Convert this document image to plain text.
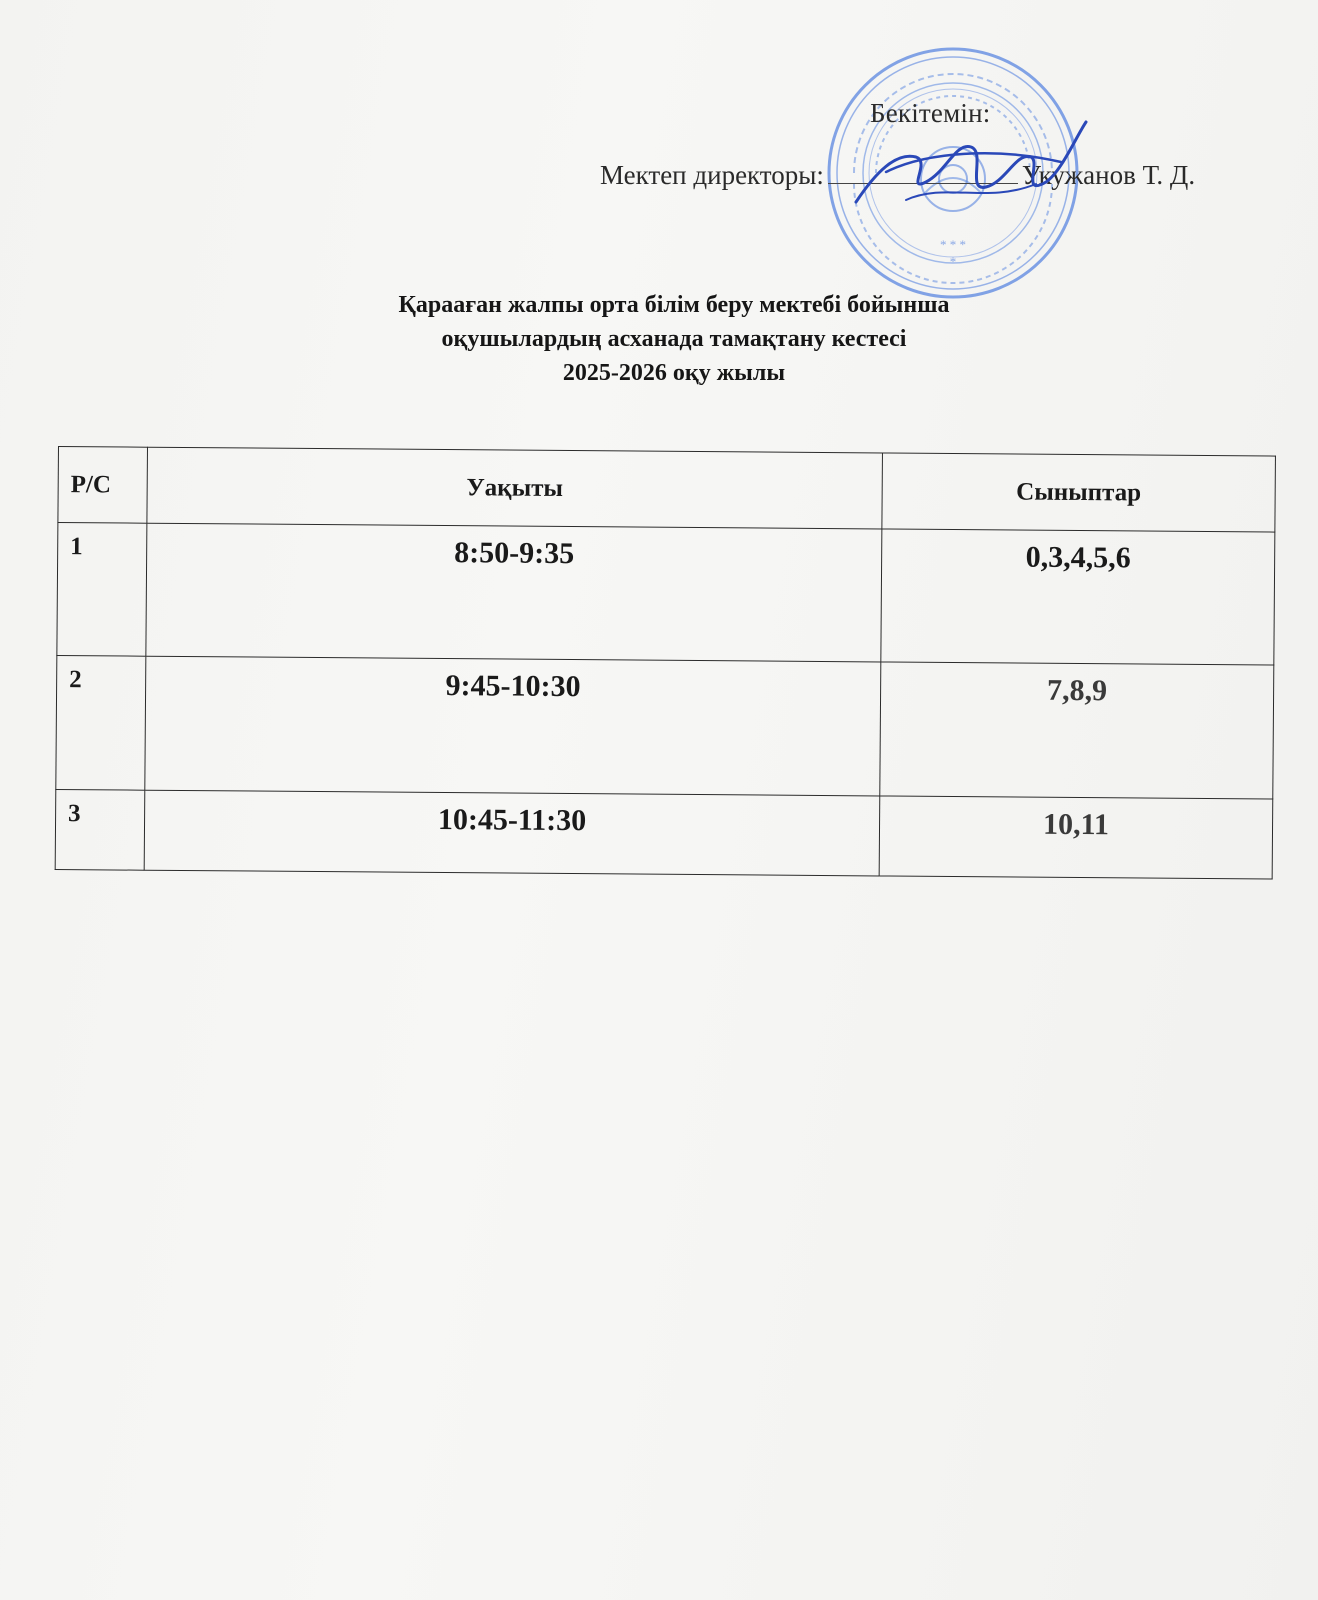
* * *
*
Бекітемін:
Мектеп директоры:	Укужанов Т. Д.
Қарааған жалпы орта білім беру мектебі бойынша
оқушылардың асханада тамақтану кестесі
2025-2026 оқу жылы
Р/С	Уақыты	Сыныптар
1	8:50-9:35	0,3,4,5,6
2	9:45-10:30	7,8,9
3	10:45-11:30	10,11
